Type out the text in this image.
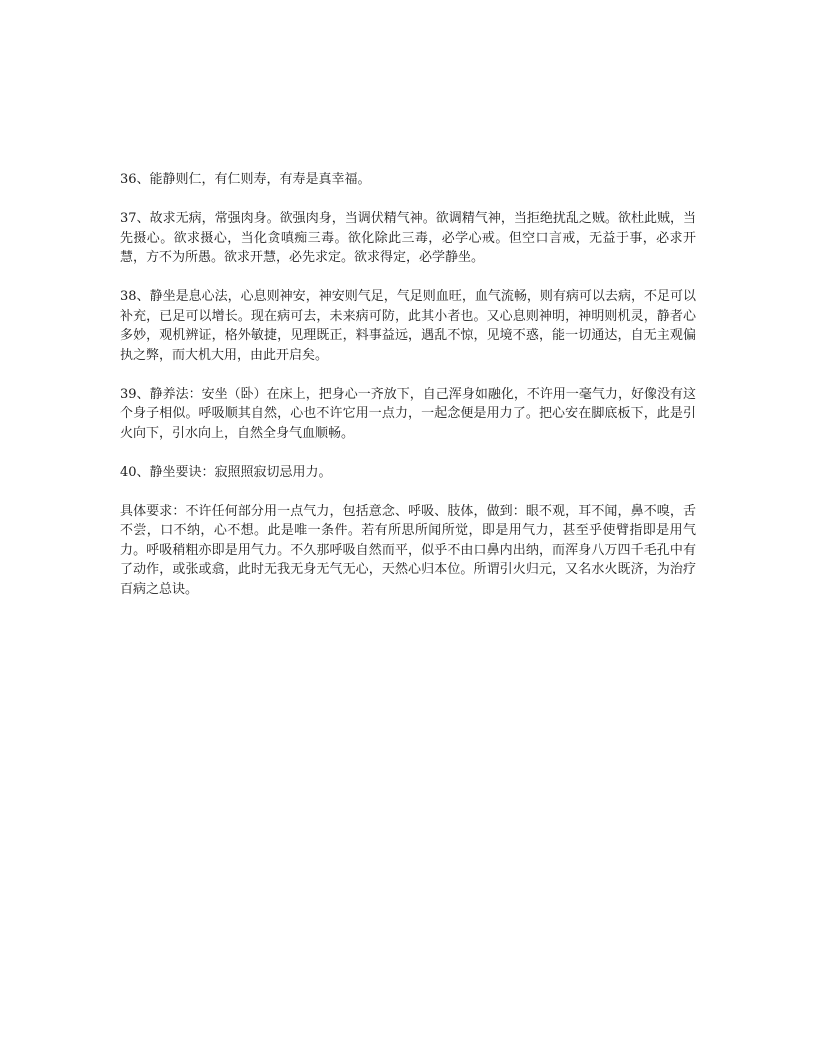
36、能静则仁，有仁则寿，有寿是真幸福。

37、故求无病，常强肉身。欲强肉身，当调伏精气神。欲调精气神，当拒绝扰乱之贼。欲杜此贼，当先摄心。欲求摄心，当化贪嗔痴三毒。欲化除此三毒，必学心戒。但空口言戒，无益于事，必求开慧，方不为所愚。欲求开慧，必先求定。欲求得定，必学静坐。

38、静坐是息心法，心息则神安，神安则气足，气足则血旺，血气流畅，则有病可以去病，不足可以补充，已足可以增长。现在病可去，未来病可防，此其小者也。又心息则神明，神明则机灵，静者心多妙，观机辨证，格外敏捷，见理既正，料事益远，遇乱不惊，见境不惑，能一切通达，自无主观偏执之弊，而大机大用，由此开启矣。

39、静养法：安坐（卧）在床上，把身心一齐放下，自己浑身如融化，不许用一毫气力，好像没有这个身子相似。呼吸顺其自然，心也不许它用一点力，一起念便是用力了。把心安在脚底板下，此是引火向下，引水向上，自然全身气血顺畅。

40、静坐要诀：寂照照寂切忌用力。

具体要求：不许任何部分用一点气力，包括意念、呼吸、肢体，做到：眼不观，耳不闻，鼻不嗅，舌不尝，口不纳，心不想。此是唯一条件。若有所思所闻所觉，即是用气力，甚至乎使臂指即是用气力。呼吸稍粗亦即是用气力。不久那呼吸自然而平，似乎不由口鼻内出纳，而浑身八万四千毛孔中有了动作，或张或翕，此时无我无身无气无心，天然心归本位。所谓引火归元，又名水火既济，为治疗百病之总诀。
